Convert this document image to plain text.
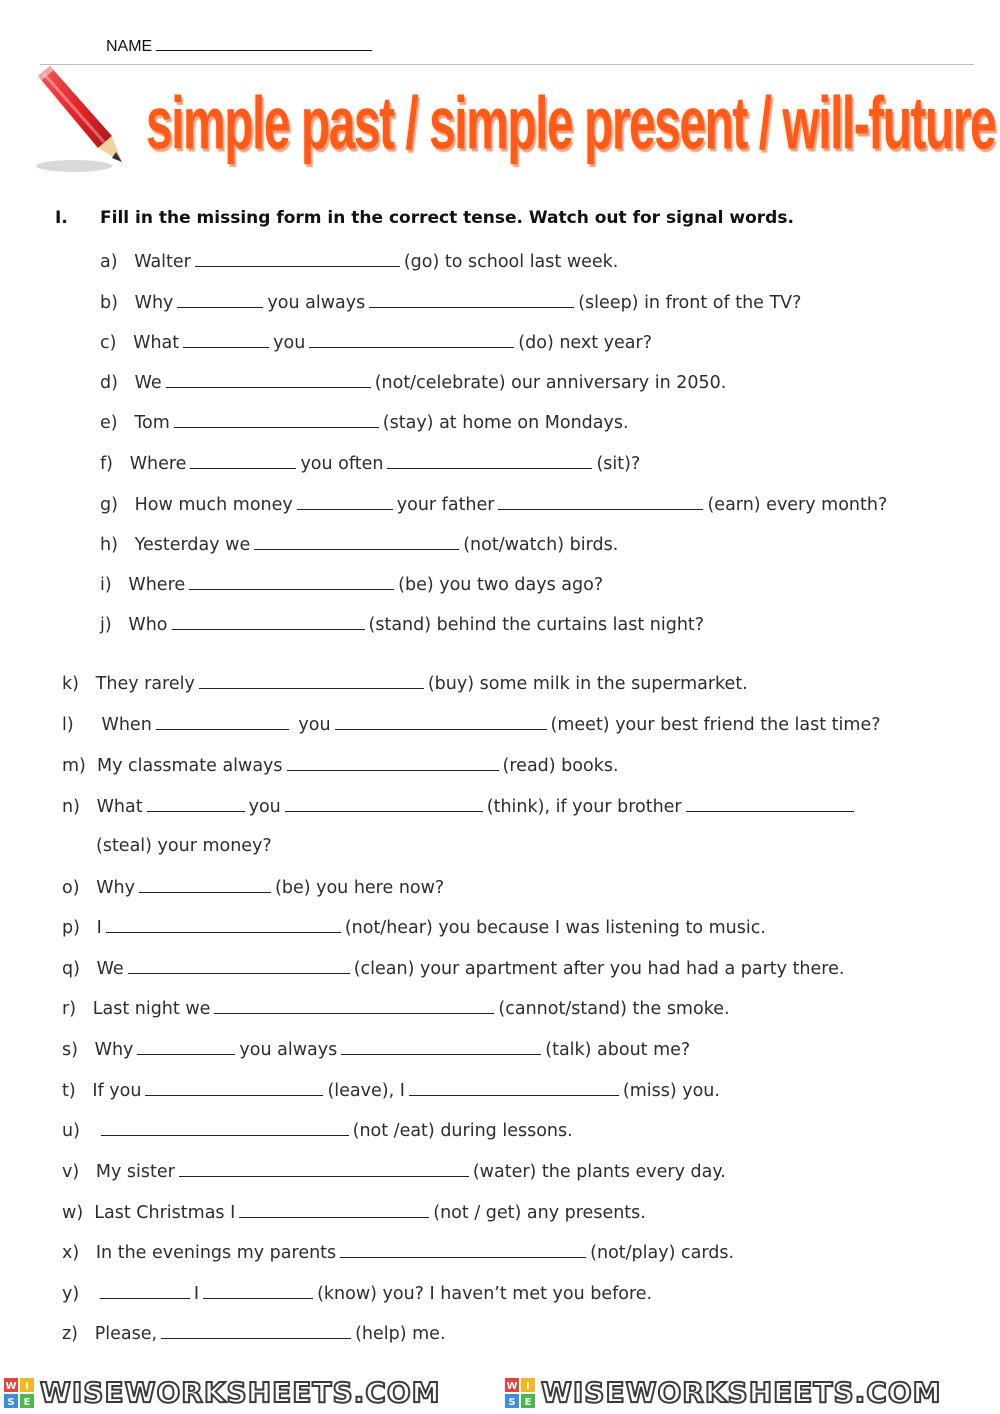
NAME
simple past / simple present / will-future
I. Fill in the missing form in the correct tense. Watch out for signal words.
a) Walter	(go) to school last week.
b) Why	you always	(sleep) in front of the TV?
c) What	you	(do) next year?
d) We	(not/celebrate) our anniversary in 2050.
e) Tom	(stay) at home on Mondays.
f) Where	you often	(sit)?
g) How much money	your father	(earn) every month?
h) Yesterday we	(not/watch) birds.
i) Where	(be) you two days ago?
j) Who	(stand) behind the curtains last night?
k) They rarely	(buy) some milk in the supermarket.
l) When	you	(meet) your best friend the last time?
m) My classmate always	(read) books.
n) What	you	(think), if your brother
(steal) your money?
o) Why	(be) you here now?
p) I	(not/hear) you because I was listening to music.
q) We	(clean) your apartment after you had had a party there.
r) Last night we	(cannot/stand) the smoke.
s) Why	you always	(talk) about me?
t) If you	(leave), I	(miss) you.
u)	(not /eat) during lessons.
v) My sister	(water) the plants every day.
w) Last Christmas I	(not / get) any presents.
x) In the evenings my parents	(not/play) cards.
y)	I	(know) you? I haven’t met you before.
z) Please,	(help) me.
W I
S E WISEWORKSHEETS.COM	W I
S E WISEWORKSHEETS.COM
